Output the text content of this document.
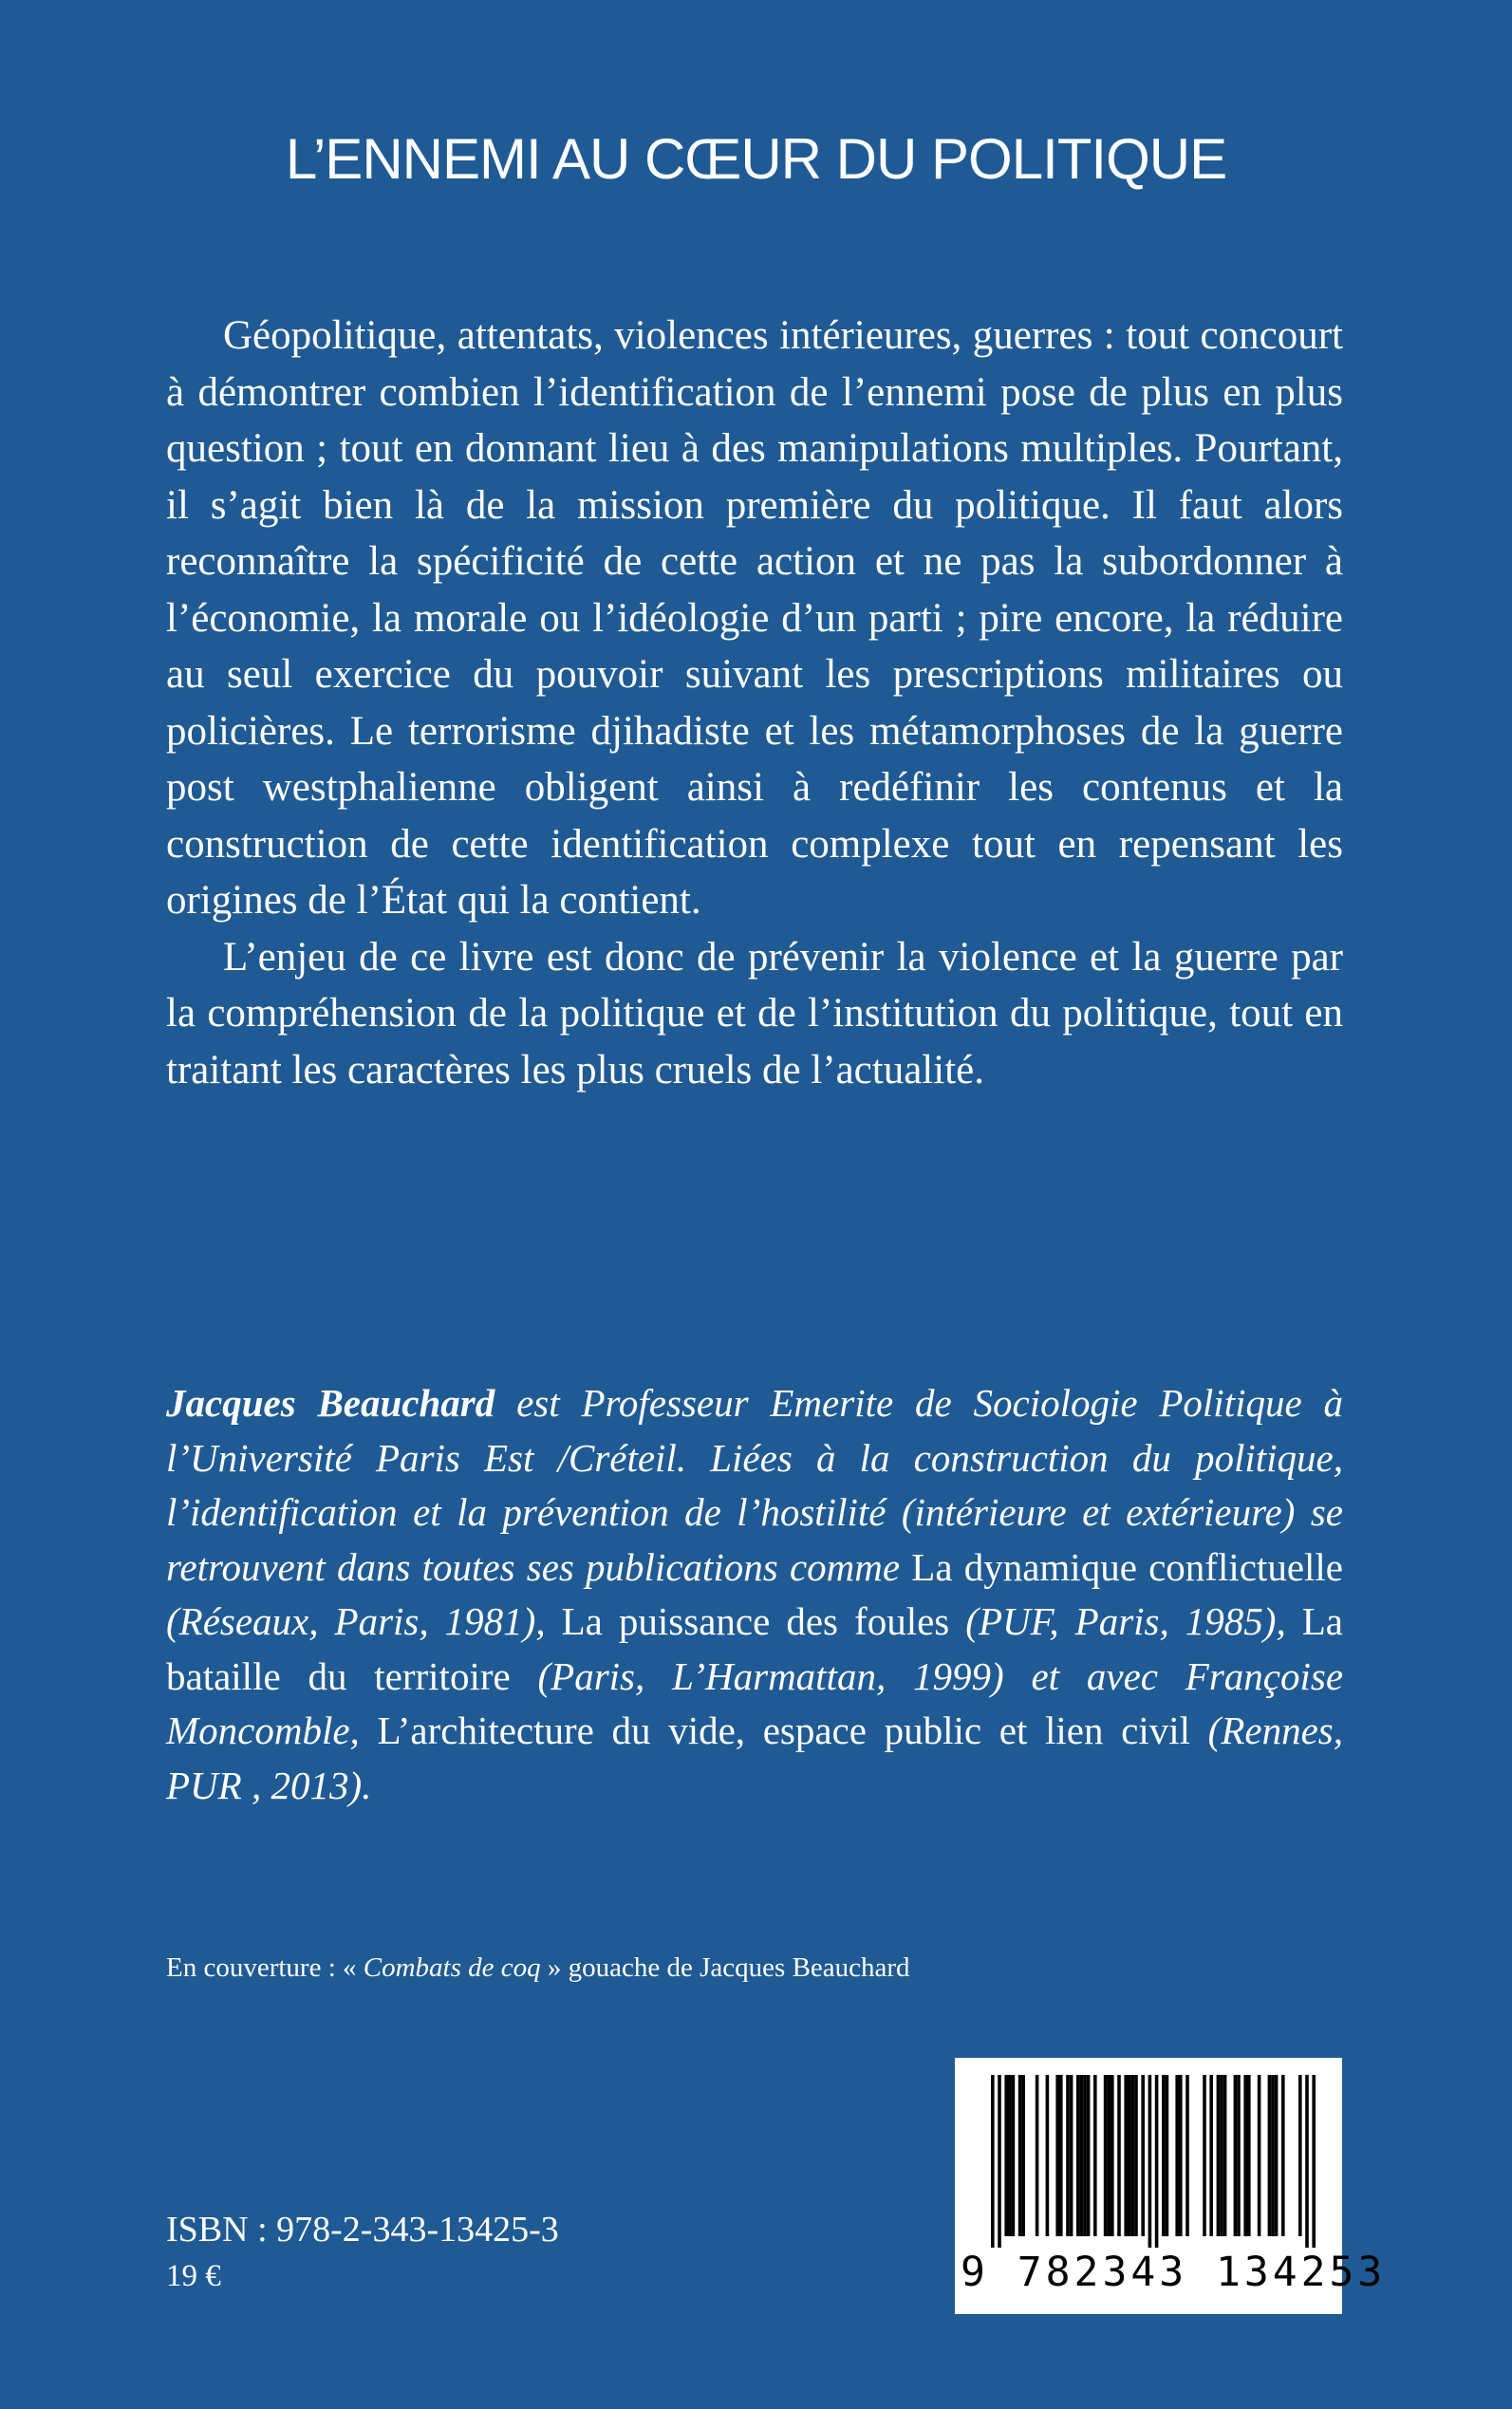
L’ENNEMI AU CŒUR DU POLITIQUE

Géopolitique, attentats, violences intérieures, guerres : tout concourt à démontrer combien l’identification de l’ennemi pose de plus en plus question ; tout en donnant lieu à des manipulations multiples. Pourtant, il s’agit bien là de la mission première du politique. Il faut alors reconnaître la spécificité de cette action et ne pas la subordonner à l’économie, la morale ou l’idéologie d’un parti ; pire encore, la réduire au seul exercice du pouvoir suivant les prescriptions militaires ou policières. Le terrorisme djihadiste et les métamorphoses de la guerre post westphalienne obligent ainsi à redéfinir les contenus et la construction de cette identification complexe tout en repensant les origines de l’État qui la contient.

L’enjeu de ce livre est donc de prévenir la violence et la guerre par la compréhension de la politique et de l’institution du politique, tout en traitant les caractères les plus cruels de l’actualité.

Jacques Beauchard est Professeur Emerite de Sociologie Politique à l’Université Paris Est /Créteil. Liées à la construction du politique, l’identification et la prévention de l’hostilité (intérieure et extérieure) se retrouvent dans toutes ses publications comme La dynamique conflictuelle (Réseaux, Paris, 1981), La puissance des foules (PUF, Paris, 1985), La bataille du territoire (Paris, L’Harmattan, 1999) et avec Françoise Moncomble, L’architecture du vide, espace public et lien civil (Rennes, PUR , 2013).

En couverture : « Combats de coq » gouache de Jacques Beauchard
ISBN : 978-2-343-13425-3
19 €	9 782343 134253
